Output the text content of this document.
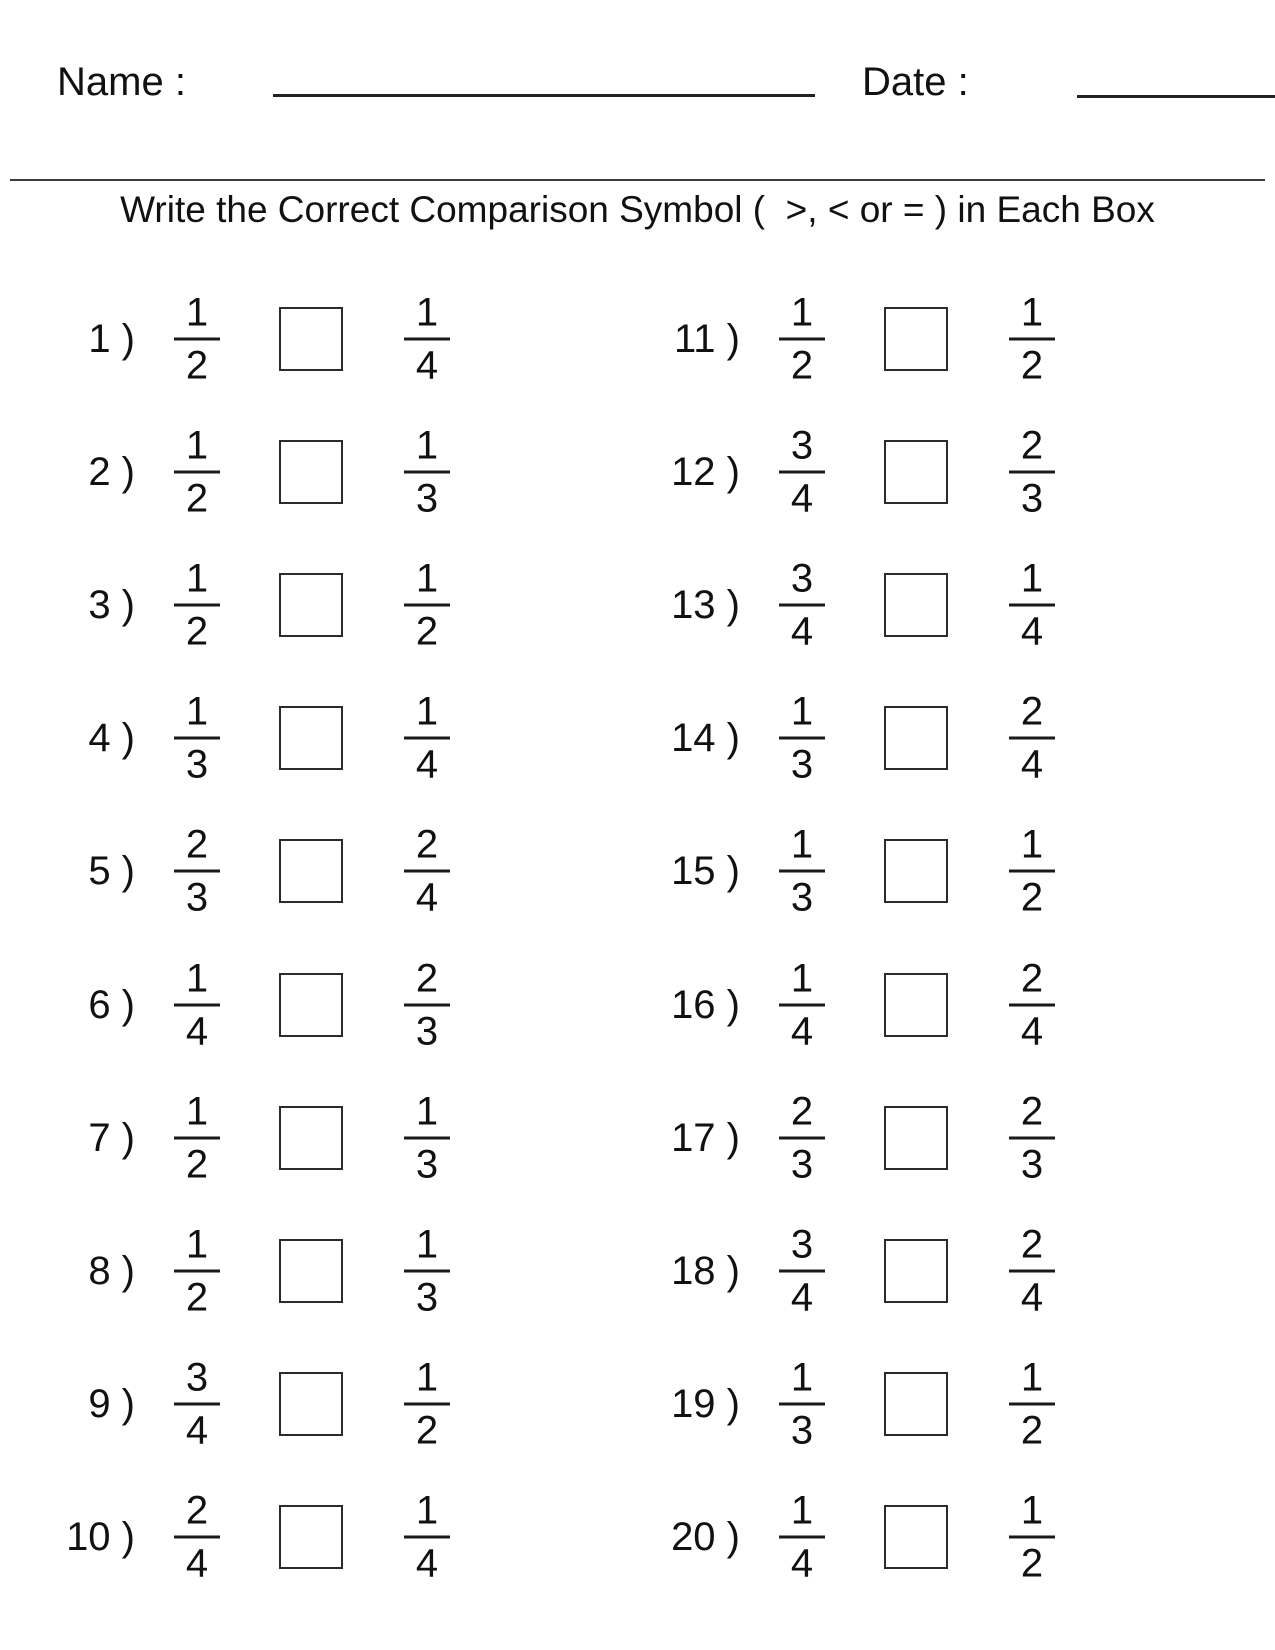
Name :	Date :
Write the Correct Comparison Symbol (  >, < or = ) in Each Box
1 )
1
2
1
4
2 )
1
2
1
3
3 )
1
2
1
2
4 )
1
3
1
4
5 )
2
3
2
4
6 )
1
4
2
3
7 )
1
2
1
3
8 )
1
2
1
3
9 )
3
4
1
2
10 )
2
4
1
4
11 )
1
2
1
2
12 )
3
4
2
3
13 )
3
4
1
4
14 )
1
3
2
4
15 )
1
3
1
2
16 )
1
4
2
4
17 )
2
3
2
3
18 )
3
4
2
4
19 )
1
3
1
2
20 )
1
4
1
2
